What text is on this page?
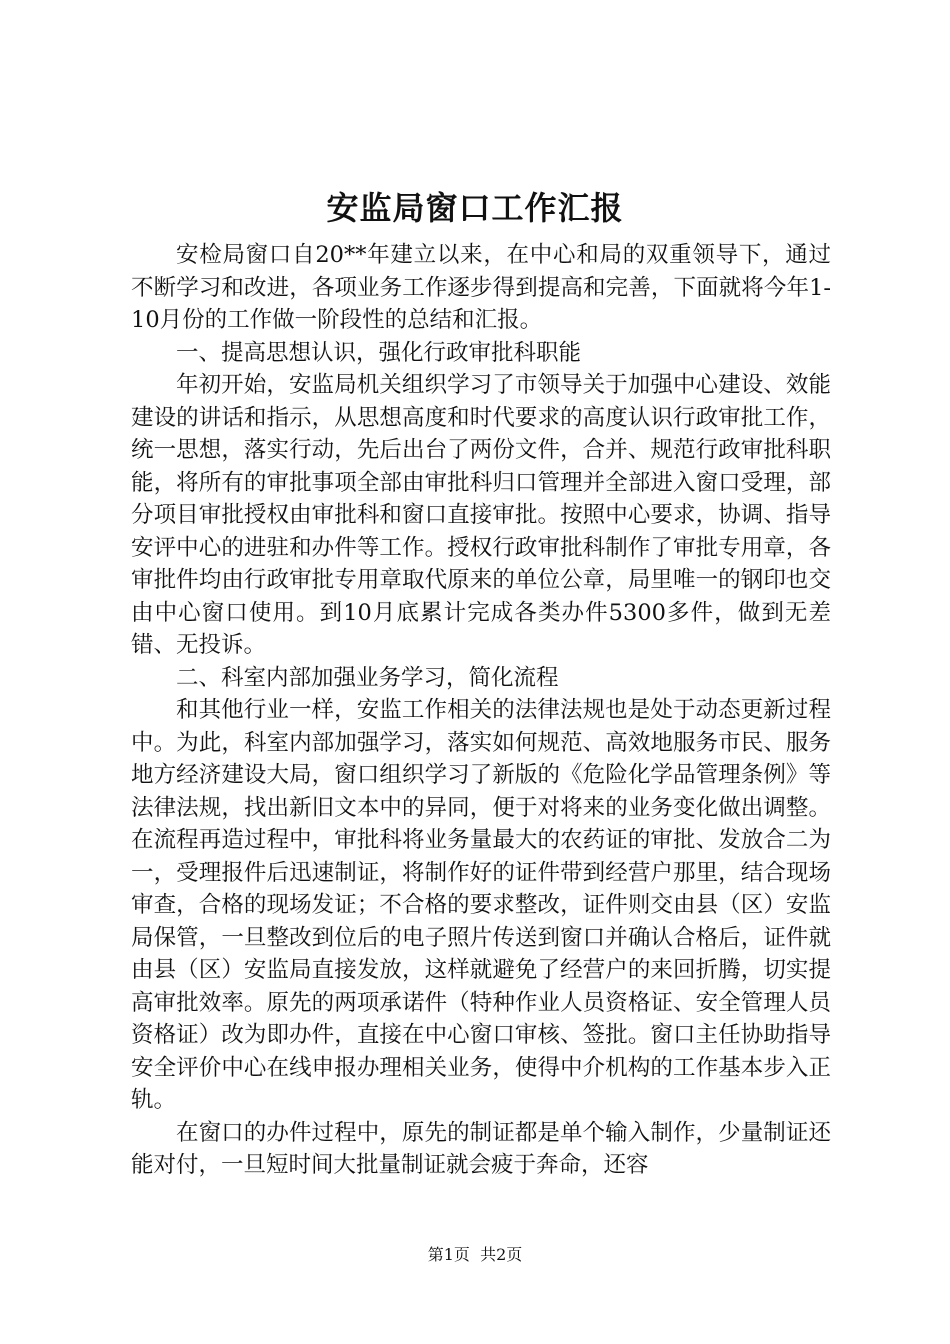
安监局窗口工作汇报

安检局窗口自20**年建立以来，在中心和局的双重领导下，通过不断学习和改进，各项业务工作逐步得到提高和完善，下面就将今年1-10月份的工作做一阶段性的总结和汇报。

一、提高思想认识，强化行政审批科职能

年初开始，安监局机关组织学习了市领导关于加强中心建设、效能建设的讲话和指示，从思想高度和时代要求的高度认识行政审批工作，统一思想，落实行动，先后出台了两份文件，合并、规范行政审批科职能，将所有的审批事项全部由审批科归口管理并全部进入窗口受理，部分项目审批授权由审批科和窗口直接审批。按照中心要求，协调、指导安评中心的进驻和办件等工作。授权行政审批科制作了审批专用章，各审批件均由行政审批专用章取代原来的单位公章，局里唯一的钢印也交由中心窗口使用。到10月底累计完成各类办件5300多件，做到无差错、无投诉。

二、科室内部加强业务学习，简化流程

和其他行业一样，安监工作相关的法律法规也是处于动态更新过程中。为此，科室内部加强学习，落实如何规范、高效地服务市民、服务地方经济建设大局，窗口组织学习了新版的《危险化学品管理条例》等法律法规，找出新旧文本中的异同，便于对将来的业务变化做出调整。在流程再造过程中，审批科将业务量最大的农药证的审批、发放合二为一，受理报件后迅速制证，将制作好的证件带到经营户那里，结合现场审查，合格的现场发证；不合格的要求整改，证件则交由县（区）安监局保管，一旦整改到位后的电子照片传送到窗口并确认合格后，证件就由县（区）安监局直接发放，这样就避免了经营户的来回折腾，切实提高审批效率。原先的两项承诺件（特种作业人员资格证、安全管理人员资格证）改为即办件，直接在中心窗口审核、签批。窗口主任协助指导安全评价中心在线申报办理相关业务，使得中介机构的工作基本步入正轨。

在窗口的办件过程中，原先的制证都是单个输入制作，少量制证还能对付，一旦短时间大批量制证就会疲于奔命，还容

第1页  共2页
